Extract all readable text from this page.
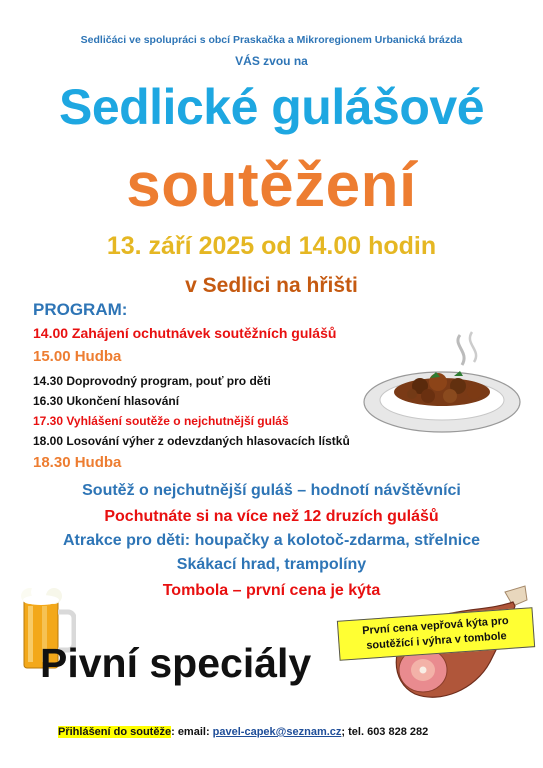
Sedličáci ve spolupráci s obcí Praskačka a Mikroregionem Urbanická brázda
VÁS zvou na
Sedlické gulášové
soutěžení
13. září 2025 od 14.00 hodin
v Sedlici na hřišti
PROGRAM:
14.00 Zahájení ochutnávek soutěžních gulášů
15.00 Hudba
14.30 Doprovodný program, pouť pro děti
16.30 Ukončení hlasování
17.30 Vyhlášení soutěže o nejchutnější guláš
18.00 Losování výher z odevzdaných hlasovacích lístků
18.30 Hudba
Soutěž o nejchutnější guláš – hodnotí návštěvníci
Pochutnáte si na více než 12 druzích gulášů
Atrakce pro děti: houpačky a kolotoč-zdarma, střelnice
Skákací hrad, trampolíny
Tombola – první cena je kýta
Pivní speciály
První cena vepřová kýta pro soutěžící i výhra v tombole
Přihlášení do soutěže: email: pavel-capek@seznam.cz; tel. 603 828 282
